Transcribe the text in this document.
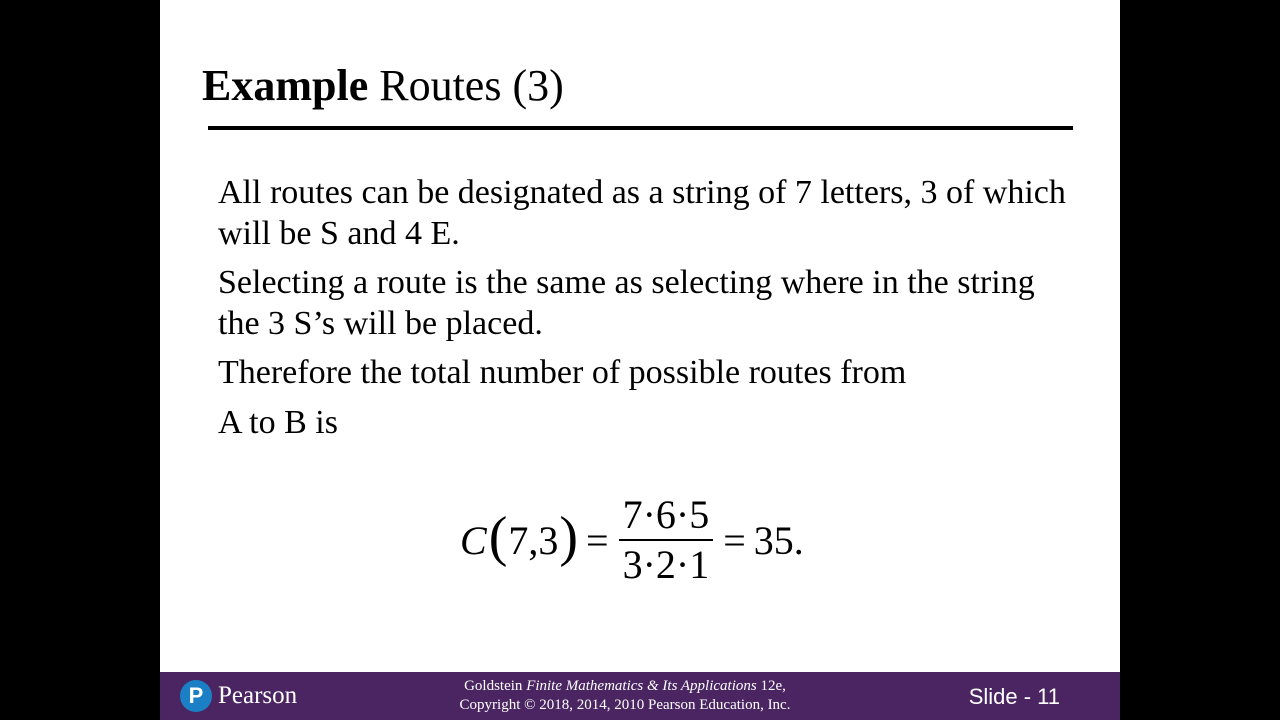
Example Routes (3)

All routes can be designated as a string of 7 letters, 3 of which will be S and 4 E.

Selecting a route is the same as selecting where in the string the 3 S’s will be placed.

Therefore the total number of possible routes from

A to B is

C ( 7,3 ) = $\frac{7\cdot 6\cdot 5}{3\cdot 2\cdot 1} = 35$.
P Pearson	Goldstein Finite Mathematics & Its Applications 12e,
Copyright © 2018, 2014, 2010 Pearson Education, Inc.	Slide - 11
